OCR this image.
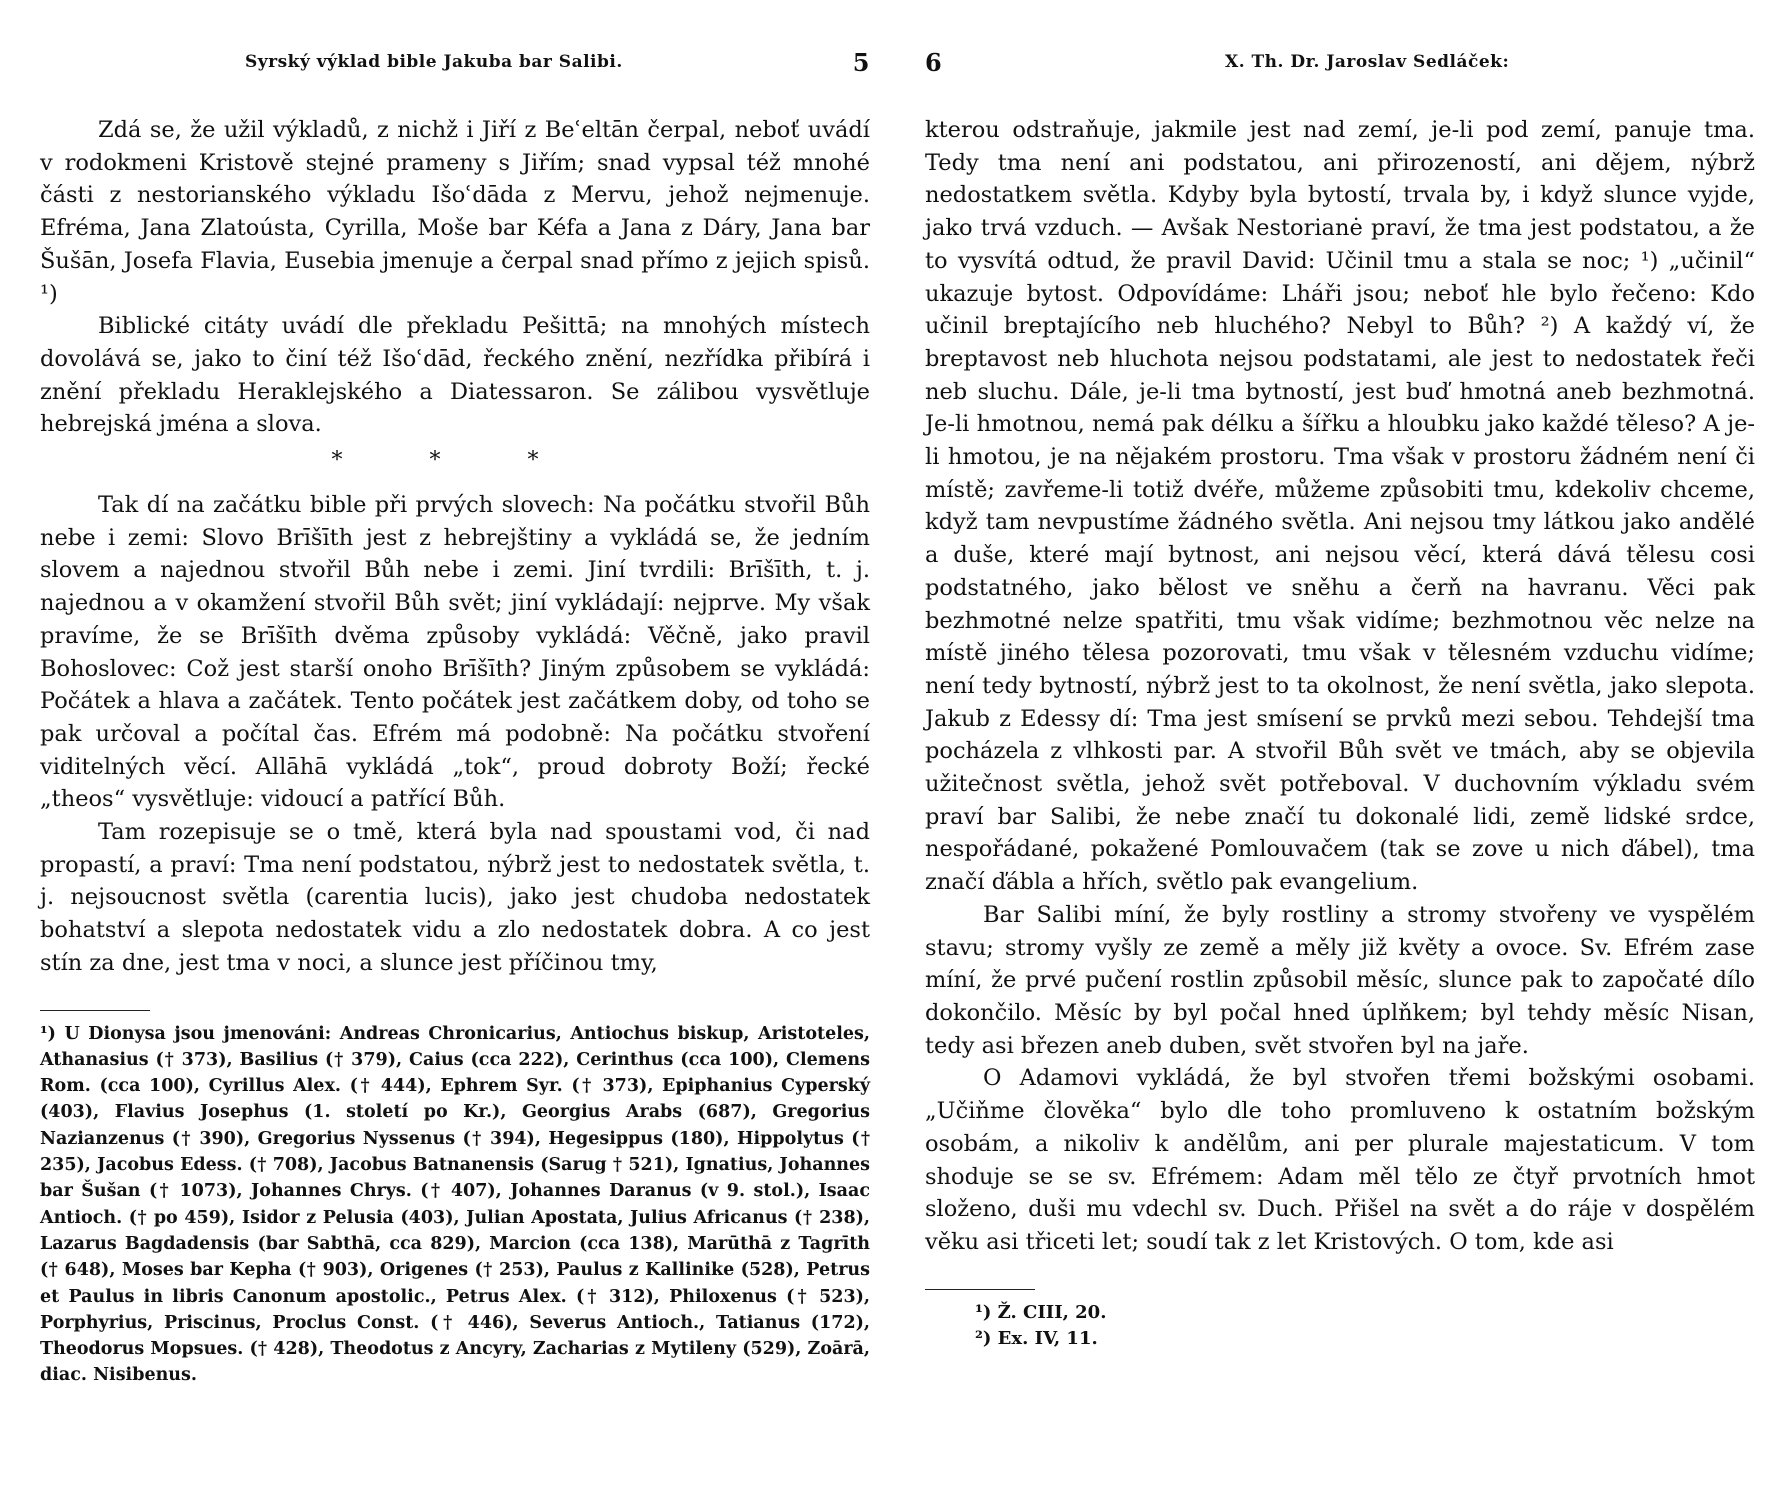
Syrský výklad bible Jakuba bar Salibi.	5

Zdá se, že užil výkladů, z nichž i Jiří z Beʿeltān čerpal, neboť uvádí v rodokmeni Kristově stejné prameny s Jiřím; snad vypsal též mnohé části z nestorianského výkladu Išoʿdāda z Mervu, jehož nejmenuje. Efréma, Jana Zlatoústa, Cyrilla, Moše bar Kéfa a Jana z Dáry, Jana bar Šušān, Josefa Flavia, Eusebia jmenuje a čerpal snad přímo z jejich spisů. ¹)

Biblické citáty uvádí dle překladu Pešittā; na mnohých místech dovolává se, jako to činí též Išoʿdād, řeckého znění, nezřídka přibírá i znění překladu Heraklejského a Diatessaron. Se zálibou vysvětluje hebrejská jména a slova.

* * *

Tak dí na začátku bible při prvých slovech: Na počátku stvořil Bůh nebe i zemi: Slovo Brīšīth jest z hebrejštiny a vykládá se, že jedním slovem a najednou stvořil Bůh nebe i zemi. Jiní tvrdili: Brīšīth, t. j. najednou a v okamžení stvořil Bůh svět; jiní vykládají: nejprve. My však pravíme, že se Brīšīth dvěma způsoby vykládá: Věčně, jako pravil Bohoslovec: Což jest starší onoho Brīšīth? Jiným způsobem se vykládá: Počátek a hlava a začátek. Tento počátek jest začátkem doby, od toho se pak určoval a počítal čas. Efrém má podobně: Na počátku stvoření viditelných věcí. Allāhā vykládá „tok“, proud dobroty Boží; řecké „theos“ vysvětluje: vidoucí a patřící Bůh.

Tam rozepisuje se o tmě, která byla nad spoustami vod, či nad propastí, a praví: Tma není podstatou, nýbrž jest to nedostatek světla, t. j. nejsoucnost světla (carentia lucis), jako jest chudoba nedostatek bohatství a slepota nedostatek vidu a zlo nedostatek dobra. A co jest stín za dne, jest tma v noci, a slunce jest příčinou tmy,

¹) U Dionysa jsou jmenováni: Andreas Chronicarius, Antiochus biskup, Aristoteles, Athanasius († 373), Basilius († 379), Caius (cca 222), Cerinthus (cca 100), Clemens Rom. (cca 100), Cyrillus Alex. († 444), Ephrem Syr. († 373), Epiphanius Cyperský (403), Flavius Josephus (1. století po Kr.), Georgius Arabs (687), Gregorius Nazianzenus († 390), Gregorius Nyssenus († 394), Hegesippus (180), Hippolytus († 235), Jacobus Edess. († 708), Jacobus Batnanensis (Sarug † 521), Ignatius, Johannes bar Šušan († 1073), Johannes Chrys. († 407), Johannes Daranus (v 9. stol.), Isaac Antioch. († po 459), Isidor z Pelusia (403), Julian Apostata, Julius Africanus († 238), Lazarus Bagdadensis (bar Sabthā, cca 829), Marcion (cca 138), Marūthā z Tagrīth († 648), Moses bar Kepha († 903), Origenes († 253), Paulus z Kallinike (528), Petrus et Paulus in libris Canonum apostolic., Petrus Alex. († 312), Philoxenus († 523), Porphyrius, Priscinus, Proclus Const. († 446), Severus Antioch., Tatianus (172), Theodorus Mopsues. († 428), Theodotus z Ancyry, Zacharias z Mytileny (529), Zoārā, diac. Nisibenus.
6	X. Th. Dr. Jaroslav Sedláček:

kterou odstraňuje, jakmile jest nad zemí, je-li pod zemí, panuje tma. Tedy tma není ani podstatou, ani přirozeností, ani dějem, nýbrž nedostatkem světla. Kdyby byla bytostí, trvala by, i když slunce vyjde, jako trvá vzduch. — Avšak Nestorianė praví, že tma jest podstatou, a že to vysvítá odtud, že pravil David: Učinil tmu a stala se noc; ¹) „učinil“ ukazuje bytost. Odpovídáme: Lháři jsou; neboť hle bylo řečeno: Kdo učinil breptajícího neb hluchého? Nebyl to Bůh? ²) A každý ví, že breptavost neb hluchota nejsou podstatami, ale jest to nedostatek řeči neb sluchu. Dále, je-li tma bytností, jest buď hmotná aneb bezhmotná. Je-li hmotnou, nemá pak délku a šířku a hloubku jako každé těleso? A je-li hmotou, je na nějakém prostoru. Tma však v prostoru žádném není či místě; zavřeme-li totiž dvéře, můžeme způsobiti tmu, kdekoliv chceme, když tam nevpustíme žádného světla. Ani nejsou tmy látkou jako andělé a duše, které mají bytnost, ani nejsou věcí, která dává tělesu cosi podstatného, jako bělost ve sněhu a čerň na havranu. Věci pak bezhmotné nelze spatřiti, tmu však vidíme; bezhmotnou věc nelze na místě jiného tělesa pozorovati, tmu však v tělesném vzduchu vidíme; není tedy bytností, nýbrž jest to ta okolnost, že není světla, jako slepota. Jakub z Edessy dí: Tma jest smísení se prvků mezi sebou. Tehdejší tma pocházela z vlhkosti par. A stvořil Bůh svět ve tmách, aby se objevila užitečnost světla, jehož svět potřeboval. V duchovním výkladu svém praví bar Salibi, že nebe značí tu dokonalé lidi, země lidské srdce, nespořádané, pokažené Pomlouvačem (tak se zove u nich ďábel), tma značí ďábla a hřích, světlo pak evangelium.

Bar Salibi míní, že byly rostliny a stromy stvořeny ve vyspělém stavu; stromy vyšly ze země a měly již květy a ovoce. Sv. Efrém zase míní, že prvé pučení rostlin způsobil měsíc, slunce pak to započaté dílo dokončilo. Měsíc by byl počal hned úplňkem; byl tehdy měsíc Nisan, tedy asi březen aneb duben, svět stvořen byl na jaře.

O Adamovi vykládá, že byl stvořen třemi božskými osobami. „Učiňme člověka“ bylo dle toho promluveno k ostatním božským osobám, a nikoliv k andělům, ani per plurale majestaticum. V tom shoduje se se sv. Efrémem: Adam měl tělo ze čtyř prvotních hmot složeno, duši mu vdechl sv. Duch. Přišel na svět a do ráje v dospělém věku asi třiceti let; soudí tak z let Kristových. O tom, kde asi

¹) Ž. CIII, 20.
²) Ex. IV, 11.
